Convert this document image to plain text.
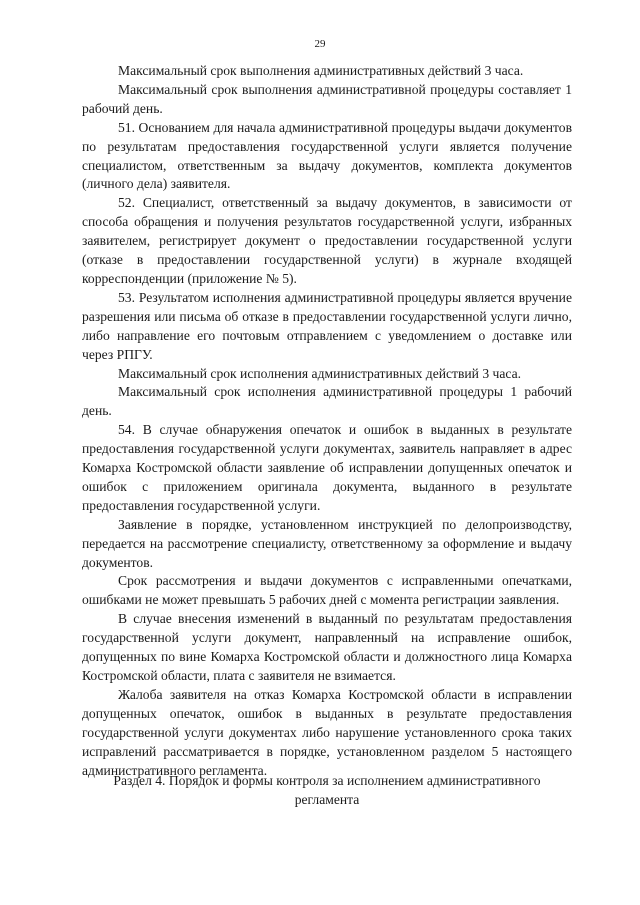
29

Максимальный срок выполнения административных действий 3 часа.

Максимальный срок выполнения административной процедуры составляет 1 рабочий день.

51. Основанием для начала административной процедуры выдачи документов по результатам предоставления государственной услуги является получение специалистом, ответственным за выдачу документов, комплекта документов (личного дела) заявителя.

52. Специалист, ответственный за выдачу документов, в зависимости от способа обращения и получения результатов государственной услуги, избранных заявителем, регистрирует документ о предоставлении государственной услуги (отказе в предоставлении государственной услуги) в журнале входящей корреспонденции (приложение № 5).

53. Результатом исполнения административной процедуры является вручение разрешения или письма об отказе в предоставлении государственной услуги лично, либо направление его почтовым отправлением с уведомлением о доставке или через РПГУ.

Максимальный срок исполнения административных действий 3 часа.

Максимальный срок исполнения административной процедуры 1 рабочий день.

54. В случае обнаружения опечаток и ошибок в выданных в результате предоставления государственной услуги документах, заявитель направляет в адрес Комархa Костромской области заявление об исправлении допущенных опечаток и ошибок с приложением оригинала документа, выданного в результате предоставления государственной услуги.

Заявление в порядке, установленном инструкцией по делопроизводству, передается на рассмотрение специалисту, ответственному за оформление и выдачу документов.

Срок рассмотрения и выдачи документов с исправленными опечатками, ошибками не может превышать 5 рабочих дней с момента регистрации заявления.

В случае внесения изменений в выданный по результатам предоставления государственной услуги документ, направленный на исправление ошибок, допущенных по вине Комархa Костромской области и должностного лица Комархa Костромской области, плата с заявителя не взимается.

Жалоба заявителя на отказ Комархa Костромской области в исправлении допущенных опечаток, ошибок в выданных в результате предоставления государственной услуги документах либо нарушение установленного срока таких исправлений рассматривается в порядке, установленном разделом 5 настоящего административного регламента.

Раздел 4. Порядок и формы контроля за исполнением административного регламента
